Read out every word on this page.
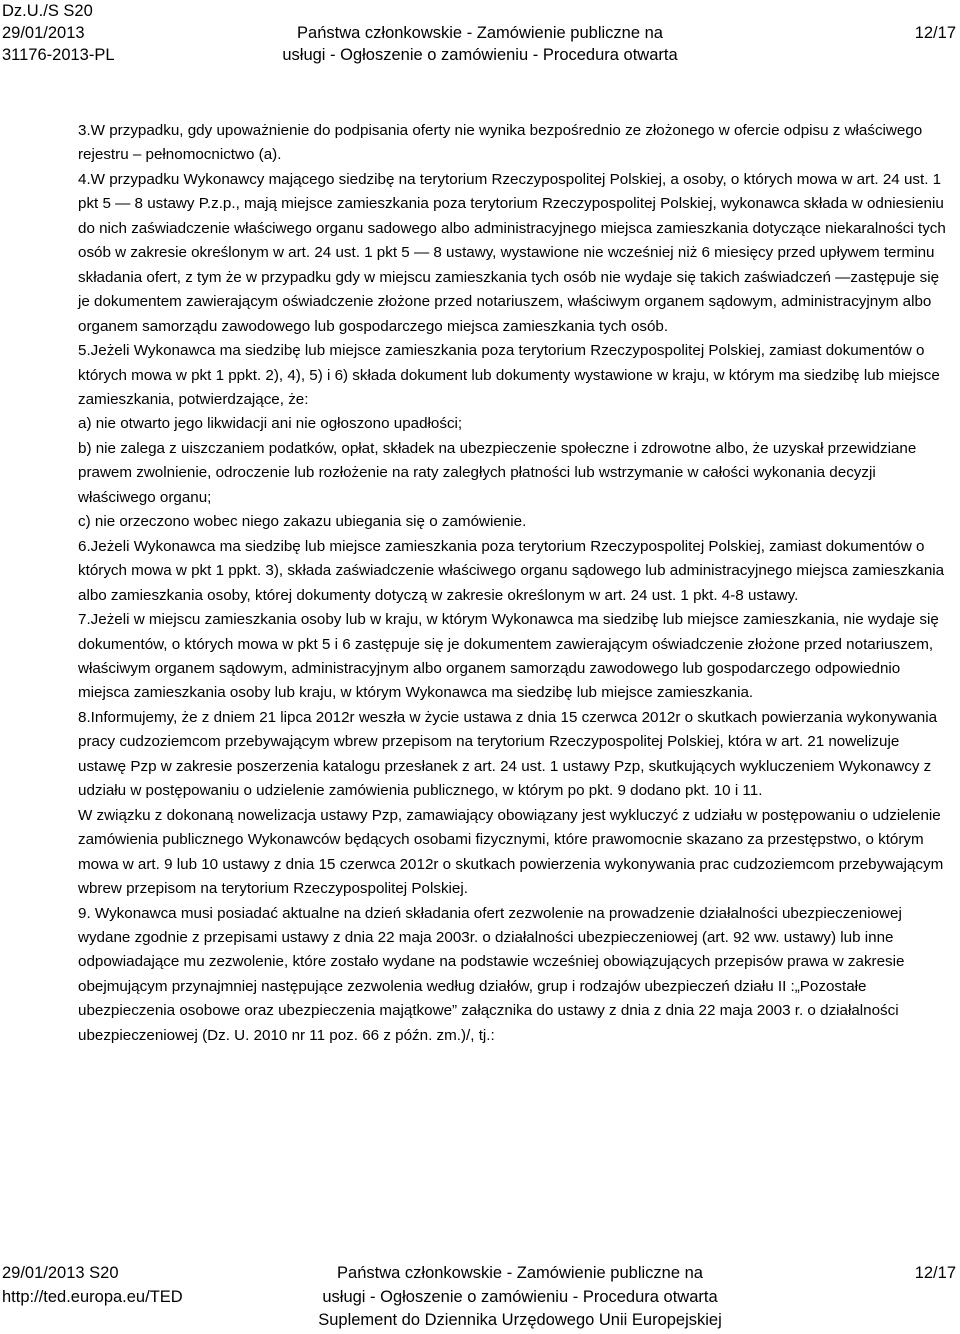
Dz.U./S S20
29/01/2013
31176-2013-PL
Państwa członkowskie - Zamówienie publiczne na
usługi - Ogłoszenie o zamówieniu - Procedura otwarta
12/17

3.W przypadku, gdy upoważnienie do podpisania oferty nie wynika bezpośrednio ze złożonego w ofercie odpisu z właściwego rejestru – pełnomocnictwo (a).

4.W przypadku Wykonawcy mającego siedzibę na terytorium Rzeczypospolitej Polskiej, a osoby, o których mowa w art. 24 ust. 1 pkt 5 — 8 ustawy P.z.p., mają miejsce zamieszkania poza terytorium Rzeczypospolitej Polskiej, wykonawca składa w odniesieniu do nich zaświadczenie właściwego organu sadowego albo administracyjnego miejsca zamieszkania dotyczące niekaralności tych osób w zakresie określonym w art. 24 ust. 1 pkt 5 — 8 ustawy, wystawione nie wcześniej niż 6 miesięcy przed upływem terminu składania ofert, z tym że w przypadku gdy w miejscu zamieszkania tych osób nie wydaje się takich zaświadczeń —zastępuje się je dokumentem zawierającym oświadczenie złożone przed notariuszem, właściwym organem sądowym, administracyjnym albo organem samorządu zawodowego lub gospodarczego miejsca zamieszkania tych osób.

5.Jeżeli Wykonawca ma siedzibę lub miejsce zamieszkania poza terytorium Rzeczypospolitej Polskiej, zamiast dokumentów o których mowa w pkt 1 ppkt. 2), 4), 5) i 6) składa dokument lub dokumenty wystawione w kraju, w którym ma siedzibę lub miejsce zamieszkania, potwierdzające, że:

a) nie otwarto jego likwidacji ani nie ogłoszono upadłości;

b) nie zalega z uiszczaniem podatków, opłat, składek na ubezpieczenie społeczne i zdrowotne albo, że uzyskał przewidziane prawem zwolnienie, odroczenie lub rozłożenie na raty zaległych płatności lub wstrzymanie w całości wykonania decyzji właściwego organu;

c) nie orzeczono wobec niego zakazu ubiegania się o zamówienie.

6.Jeżeli Wykonawca ma siedzibę lub miejsce zamieszkania poza terytorium Rzeczypospolitej Polskiej, zamiast dokumentów o których mowa w pkt 1 ppkt. 3), składa zaświadczenie właściwego organu sądowego lub administracyjnego miejsca zamieszkania albo zamieszkania osoby, której dokumenty dotyczą w zakresie określonym w art. 24 ust. 1 pkt. 4-8 ustawy.

7.Jeżeli w miejscu zamieszkania osoby lub w kraju, w którym Wykonawca ma siedzibę lub miejsce zamieszkania, nie wydaje się dokumentów, o których mowa w pkt 5 i 6 zastępuje się je dokumentem zawierającym oświadczenie złożone przed notariuszem, właściwym organem sądowym, administracyjnym albo organem samorządu zawodowego lub gospodarczego odpowiednio miejsca zamieszkania osoby lub kraju, w którym Wykonawca ma siedzibę lub miejsce zamieszkania.

8.Informujemy, że z dniem 21 lipca 2012r weszła w życie ustawa z dnia 15 czerwca 2012r o skutkach powierzania wykonywania pracy cudzoziemcom przebywającym wbrew przepisom na terytorium Rzeczypospolitej Polskiej, która w art. 21 nowelizuje ustawę Pzp w zakresie poszerzenia katalogu przesłanek z art. 24 ust. 1 ustawy Pzp, skutkujących wykluczeniem Wykonawcy z udziału w postępowaniu o udzielenie zamówienia publicznego, w którym po pkt. 9 dodano pkt. 10 i 11.

W związku z dokonaną nowelizacja ustawy Pzp, zamawiający obowiązany jest wykluczyć z udziału w postępowaniu o udzielenie zamówienia publicznego Wykonawców będących osobami fizycznymi, które prawomocnie skazano za przestępstwo, o którym mowa w art. 9 lub 10 ustawy z dnia 15 czerwca 2012r o skutkach powierzenia wykonywania prac cudzoziemcom przebywającym wbrew przepisom na terytorium Rzeczypospolitej Polskiej.

9. Wykonawca musi posiadać aktualne na dzień składania ofert zezwolenie na prowadzenie działalności ubezpieczeniowej wydane zgodnie z przepisami ustawy z dnia 22 maja 2003r. o działalności ubezpieczeniowej (art. 92 ww. ustawy) lub inne odpowiadające mu zezwolenie, które zostało wydane na podstawie wcześniej obowiązujących przepisów prawa w zakresie obejmującym przynajmniej następujące zezwolenia według działów, grup i rodzajów ubezpieczeń działu II :„Pozostałe ubezpieczenia osobowe oraz ubezpieczenia majątkowe” załącznika do ustawy z dnia z dnia 22 maja 2003 r. o działalności ubezpieczeniowej (Dz. U. 2010 nr 11 poz. 66 z późn. zm.)/, tj.:

29/01/2013 S20
http://ted.europa.eu/TED
Państwa członkowskie - Zamówienie publiczne na
usługi - Ogłoszenie o zamówieniu - Procedura otwarta
Suplement do Dziennika Urzędowego Unii Europejskiej
12/17
